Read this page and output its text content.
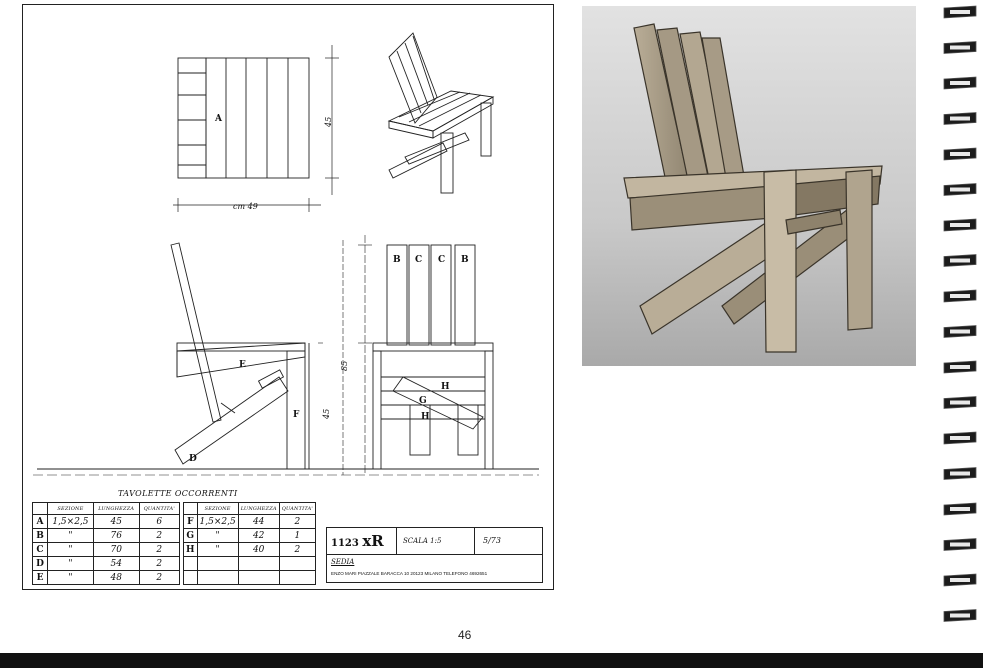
A
B C C B
E
F
D
H
G
H
cm 49
45
85
45
TAVOLETTE OCCORRENTI
	SEZIONE	LUNGHEZZA	QUANTITA'
A	1,5×2,5	45	6
B	"	76	2
C	"	70	2
D	"	54	2
E	"	48	2
	SEZIONE	LUNGHEZZA	QUANTITA'
F	1,5×2,5	44	2
G	"	42	1
H	"	40	2

1123 xR	SCALA 1:5	5/73
SEDIA
ENZO MARI PIAZZALE BARACCA 10 20123 MILANO TELEFONO 4692651
46
